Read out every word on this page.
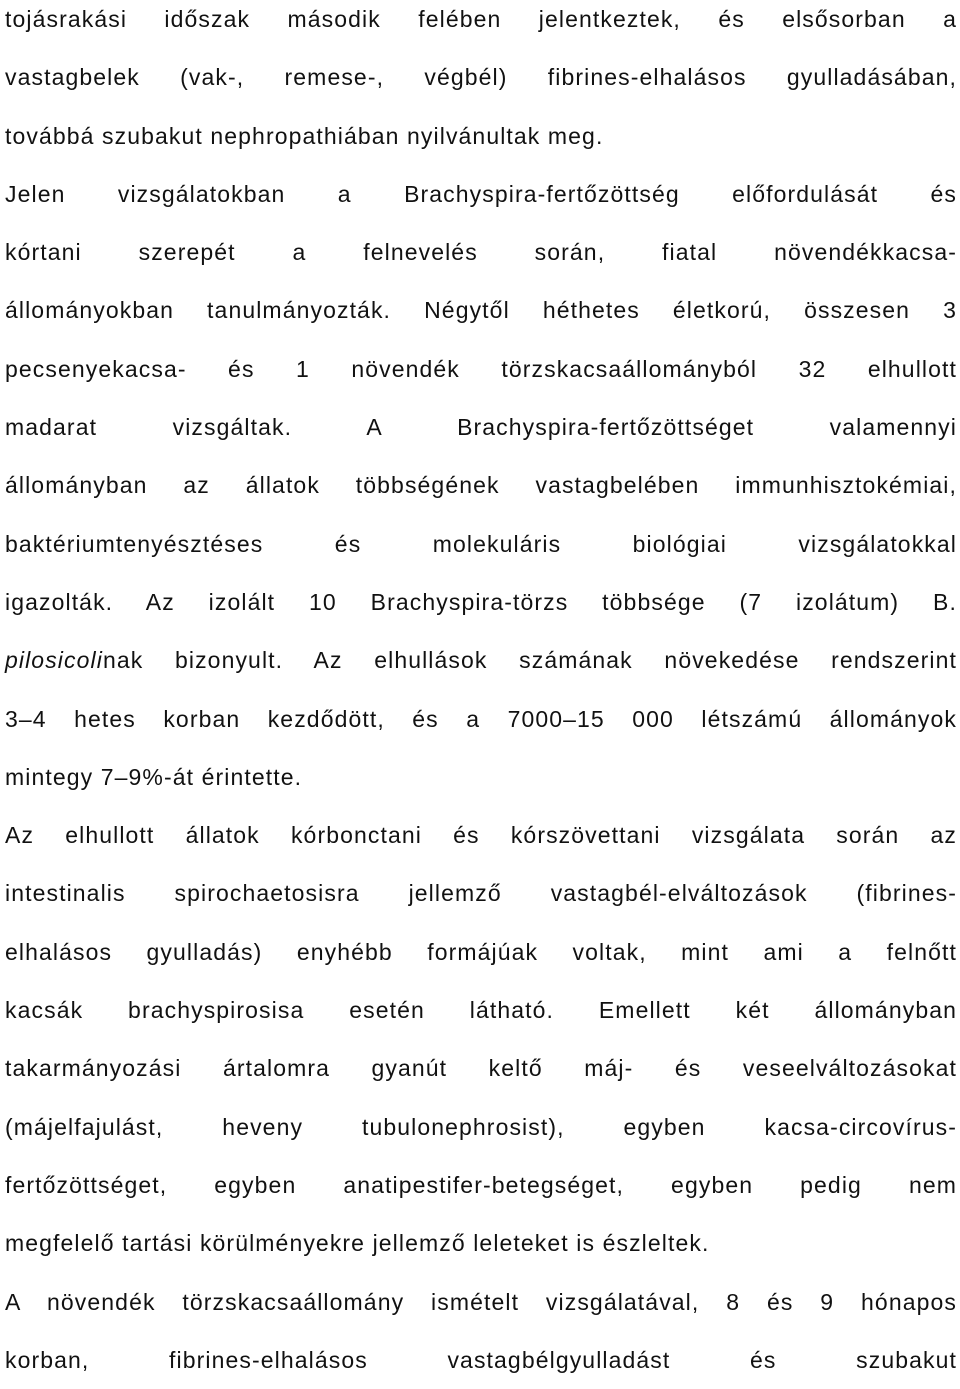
tojásrakási időszak második felében jelentkeztek, és elsősorban a
vastagbelek (vak-, remese-, végbél) fibrines-elhalásos gyulladásában,
továbbá szubakut nephropathiában nyilvánultak meg.
Jelen vizsgálatokban a Brachyspira-fertőzöttség előfordulását és
kórtani szerepét a felnevelés során, fiatal növendékkacsa-
állományokban tanulmányozták. Négytől héthetes életkorú, összesen 3
pecsenyekacsa- és 1 növendék törzskacsaállományból 32 elhullott
madarat vizsgáltak. A Brachyspira-fertőzöttséget valamennyi
állományban az állatok többségének vastagbelében immunhisztokémiai,
baktériumtenyésztéses és molekuláris biológiai vizsgálatokkal
igazolták. Az izolált 10 Brachyspira-törzs többsége (7 izolátum) B.
pilosicolinak bizonyult. Az elhullások számának növekedése rendszerint
3–4 hetes korban kezdődött, és a 7000–15 000 létszámú állományok
mintegy 7–9%-át érintette.
Az elhullott állatok kórbonctani és kórszövettani vizsgálata során az
intestinalis spirochaetosisra jellemző vastagbél-elváltozások (fibrines-
elhalásos gyulladás) enyhébb formájúak voltak, mint ami a felnőtt
kacsák brachyspirosisa esetén látható. Emellett két állományban
takarmányozási ártalomra gyanút keltő máj- és veseelváltozásokat
(májelfajulást, heveny tubulonephrosist), egyben kacsa-circovírus-
fertőzöttséget, egyben anatipestifer-betegséget, egyben pedig nem
megfelelő tartási körülményekre jellemző leleteket is észleltek.
A növendék törzskacsaállomány ismételt vizsgálatával, 8 és 9 hónapos
korban, fibrines-elhalásos vastagbélgyulladást és szubakut
